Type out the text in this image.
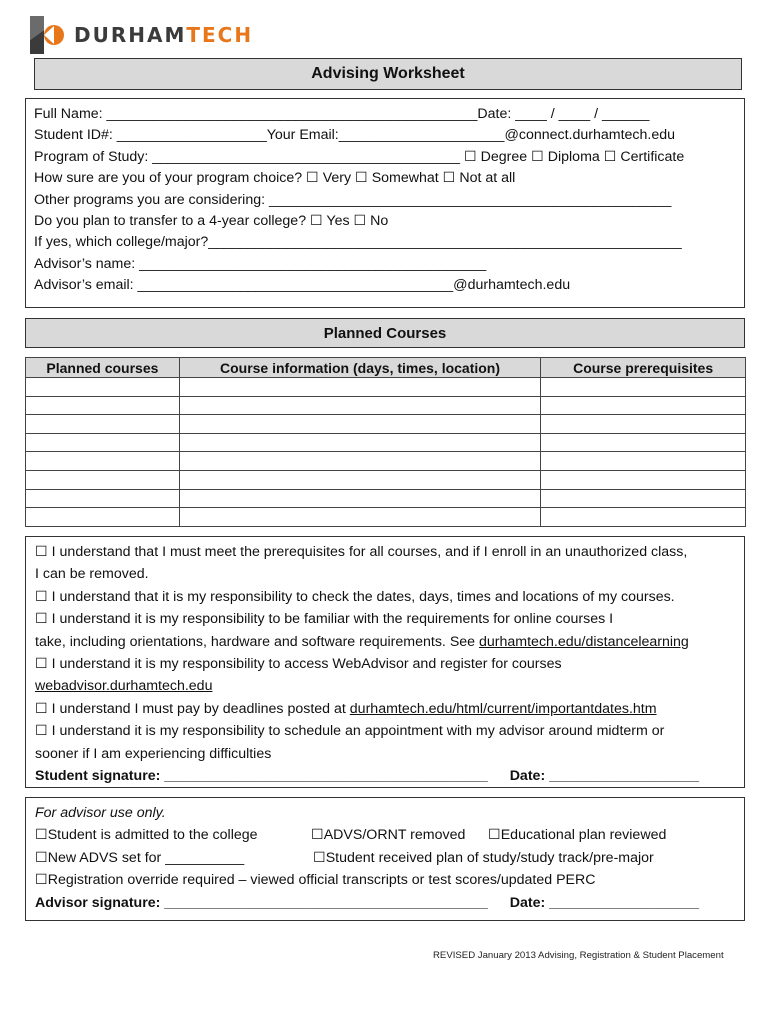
DURHAMTECH
Advising Worksheet
Full Name: _______________________________________________Date: ____ / ____ / ______
Student ID#: ___________________Your Email:_____________________@connect.durhamtech.edu
Program of Study: _______________________________________ ☐ Degree ☐ Diploma ☐ Certificate
How sure are you of your program choice? ☐ Very ☐ Somewhat ☐ Not at all
Other programs you are considering: ___________________________________________________
Do you plan to transfer to a 4-year college? ☐ Yes ☐ No
If yes, which college/major?____________________________________________________________
Advisor’s name: ____________________________________________
Advisor’s email: ________________________________________@durhamtech.edu
Planned Courses
Planned courses	Course information (days, times, location)	Course prerequisites

☐ I understand that I must meet the prerequisites for all courses, and if I enroll in an unauthorized class,
I can be removed.
☐ I understand that it is my responsibility to check the dates, days, times and locations of my courses.
☐ I understand it is my responsibility to be familiar with the requirements for online courses I
take, including orientations, hardware and software requirements. See durhamtech.edu/distancelearning
☐ I understand it is my responsibility to access WebAdvisor and register for courses
webadvisor.durhamtech.edu
☐ I understand I must pay by deadlines posted at durhamtech.edu/html/current/importantdates.htm
☐ I understand it is my responsibility to schedule an appointment with my advisor around midterm or
sooner if I am experiencing difficulties
Student signature: _________________________________________ Date: ___________________
For advisor use only.
☐Student is admitted to the college	☐ADVS/ORNT removed ☐Educational plan reviewed
☐New ADVS set for __________	☐Student received plan of study/study track/pre-major
☐Registration override required – viewed official transcripts or test scores/updated PERC
Advisor signature: _________________________________________ Date: ___________________
REVISED January 2013 Advising, Registration & Student Placement
